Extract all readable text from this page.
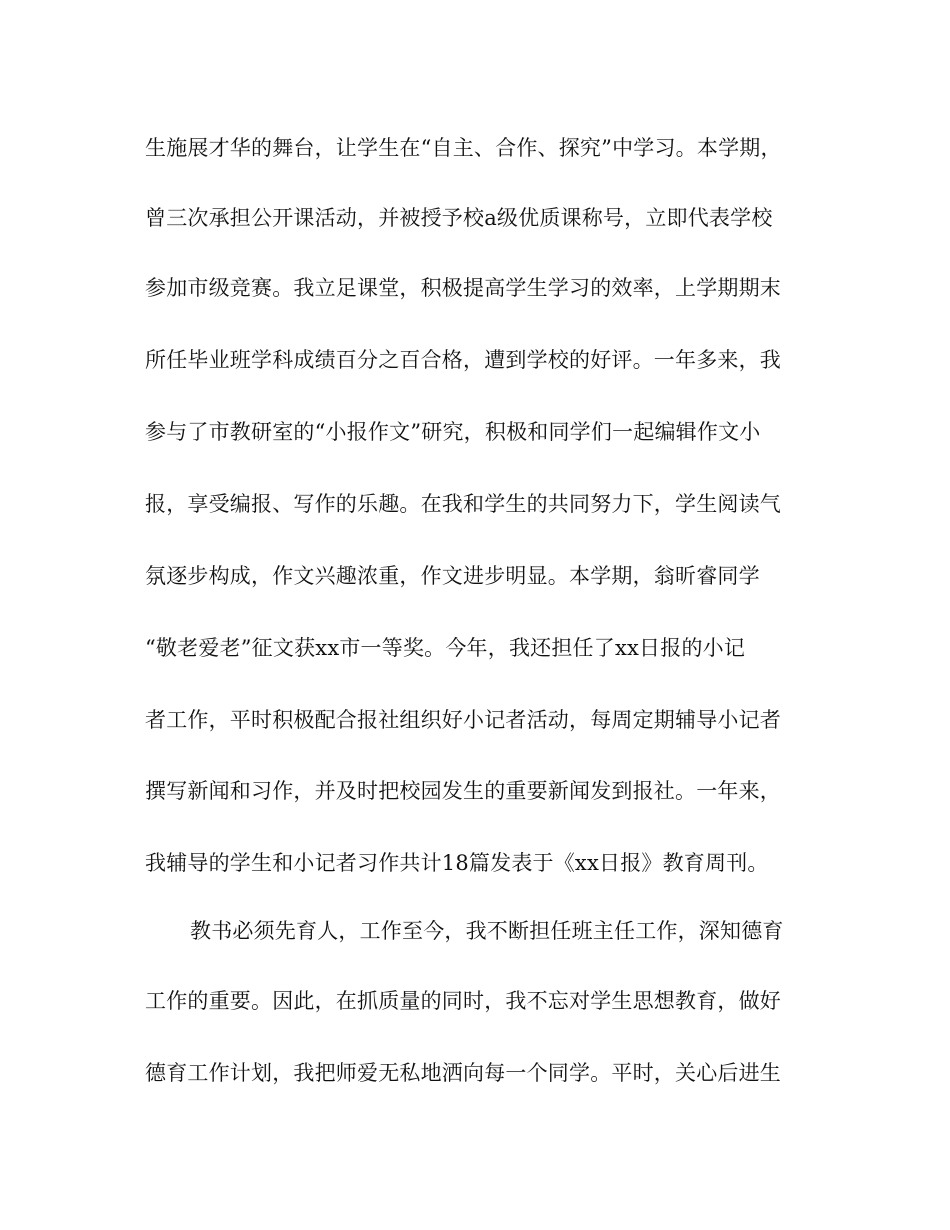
生施展才华的舞台，让学生在“自主、合作、探究”中学习。本学期，
曾三次承担公开课活动，并被授予校a级优质课称号，立即代表学校
参加市级竞赛。我立足课堂，积极提高学生学习的效率，上学期期末
所任毕业班学科成绩百分之百合格，遭到学校的好评。一年多来，我
参与了市教研室的“小报作文”研究，积极和同学们一起编辑作文小
报，享受编报、写作的乐趣。在我和学生的共同努力下，学生阅读气
氛逐步构成，作文兴趣浓重，作文进步明显。本学期，翁昕睿同学
“敬老爱老”征文获xx市一等奖。今年，我还担任了xx日报的小记
者工作，平时积极配合报社组织好小记者活动，每周定期辅导小记者
撰写新闻和习作，并及时把校园发生的重要新闻发到报社。一年来，
我辅导的学生和小记者习作共计18篇发表于《xx日报》教育周刊。
教书必须先育人，工作至今，我不断担任班主任工作，深知德育
工作的重要。因此，在抓质量的同时，我不忘对学生思想教育，做好
德育工作计划，我把师爱无私地洒向每一个同学。平时，关心后进生
